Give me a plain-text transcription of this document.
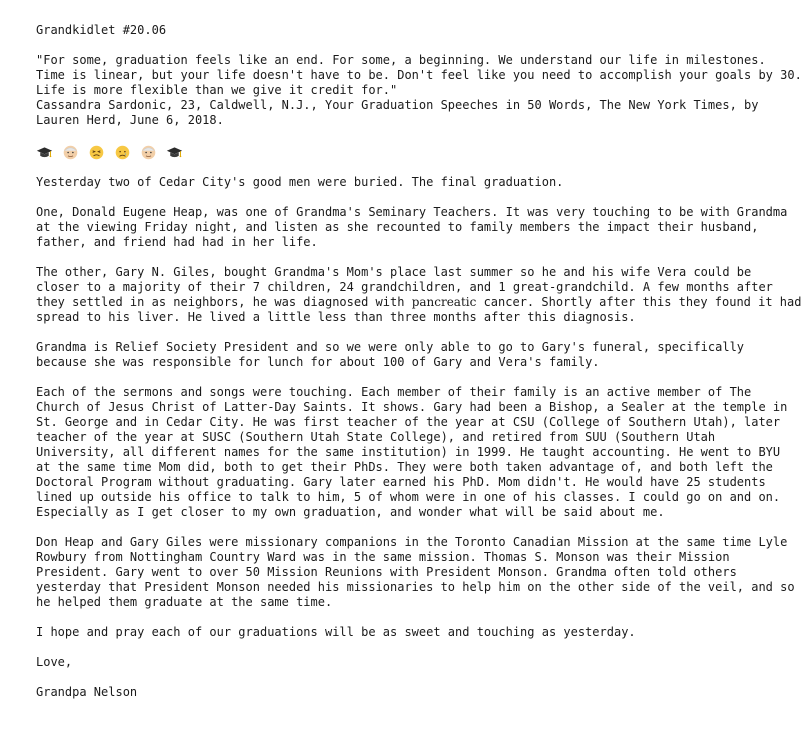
Grandkidlet #20.06
"For some, graduation feels like an end. For some, a beginning. We understand our life in milestones.
Time is linear, but your life doesn't have to be. Don't feel like you need to accomplish your goals by 30.
Life is more flexible than we give it credit for."
Cassandra Sardonic, 23, Caldwell, N.J., Your Graduation Speeches in 50 Words, The New York Times, by
Lauren Herd, June 6, 2018.
Yesterday two of Cedar City's good men were buried. The final graduation.
One, Donald Eugene Heap, was one of Grandma's Seminary Teachers. It was very touching to be with Grandma
at the viewing Friday night, and listen as she recounted to family members the impact their husband,
father, and friend had had in her life.
The other, Gary N. Giles, bought Grandma's Mom's place last summer so he and his wife Vera could be
closer to a majority of their 7 children, 24 grandchildren, and 1 great-grandchild. A few months after
they settled in as neighbors, he was diagnosed with pancreatic cancer. Shortly after this they found it had
spread to his liver. He lived a little less than three months after this diagnosis.
Grandma is Relief Society President and so we were only able to go to Gary's funeral, specifically
because she was responsible for lunch for about 100 of Gary and Vera's family.
Each of the sermons and songs were touching. Each member of their family is an active member of The
Church of Jesus Christ of Latter-Day Saints. It shows. Gary had been a Bishop, a Sealer at the temple in
St. George and in Cedar City. He was first teacher of the year at CSU (College of Southern Utah), later
teacher of the year at SUSC (Southern Utah State College), and retired from SUU (Southern Utah
University, all different names for the same institution) in 1999. He taught accounting. He went to BYU
at the same time Mom did, both to get their PhDs. They were both taken advantage of, and both left the
Doctoral Program without graduating. Gary later earned his PhD. Mom didn't. He would have 25 students
lined up outside his office to talk to him, 5 of whom were in one of his classes. I could go on and on.
Especially as I get closer to my own graduation, and wonder what will be said about me.
Don Heap and Gary Giles were missionary companions in the Toronto Canadian Mission at the same time Lyle
Rowbury from Nottingham Country Ward was in the same mission. Thomas S. Monson was their Mission
President. Gary went to over 50 Mission Reunions with President Monson. Grandma often told others
yesterday that President Monson needed his missionaries to help him on the other side of the veil, and so
he helped them graduate at the same time.
I hope and pray each of our graduations will be as sweet and touching as yesterday.
Love,
Grandpa Nelson
